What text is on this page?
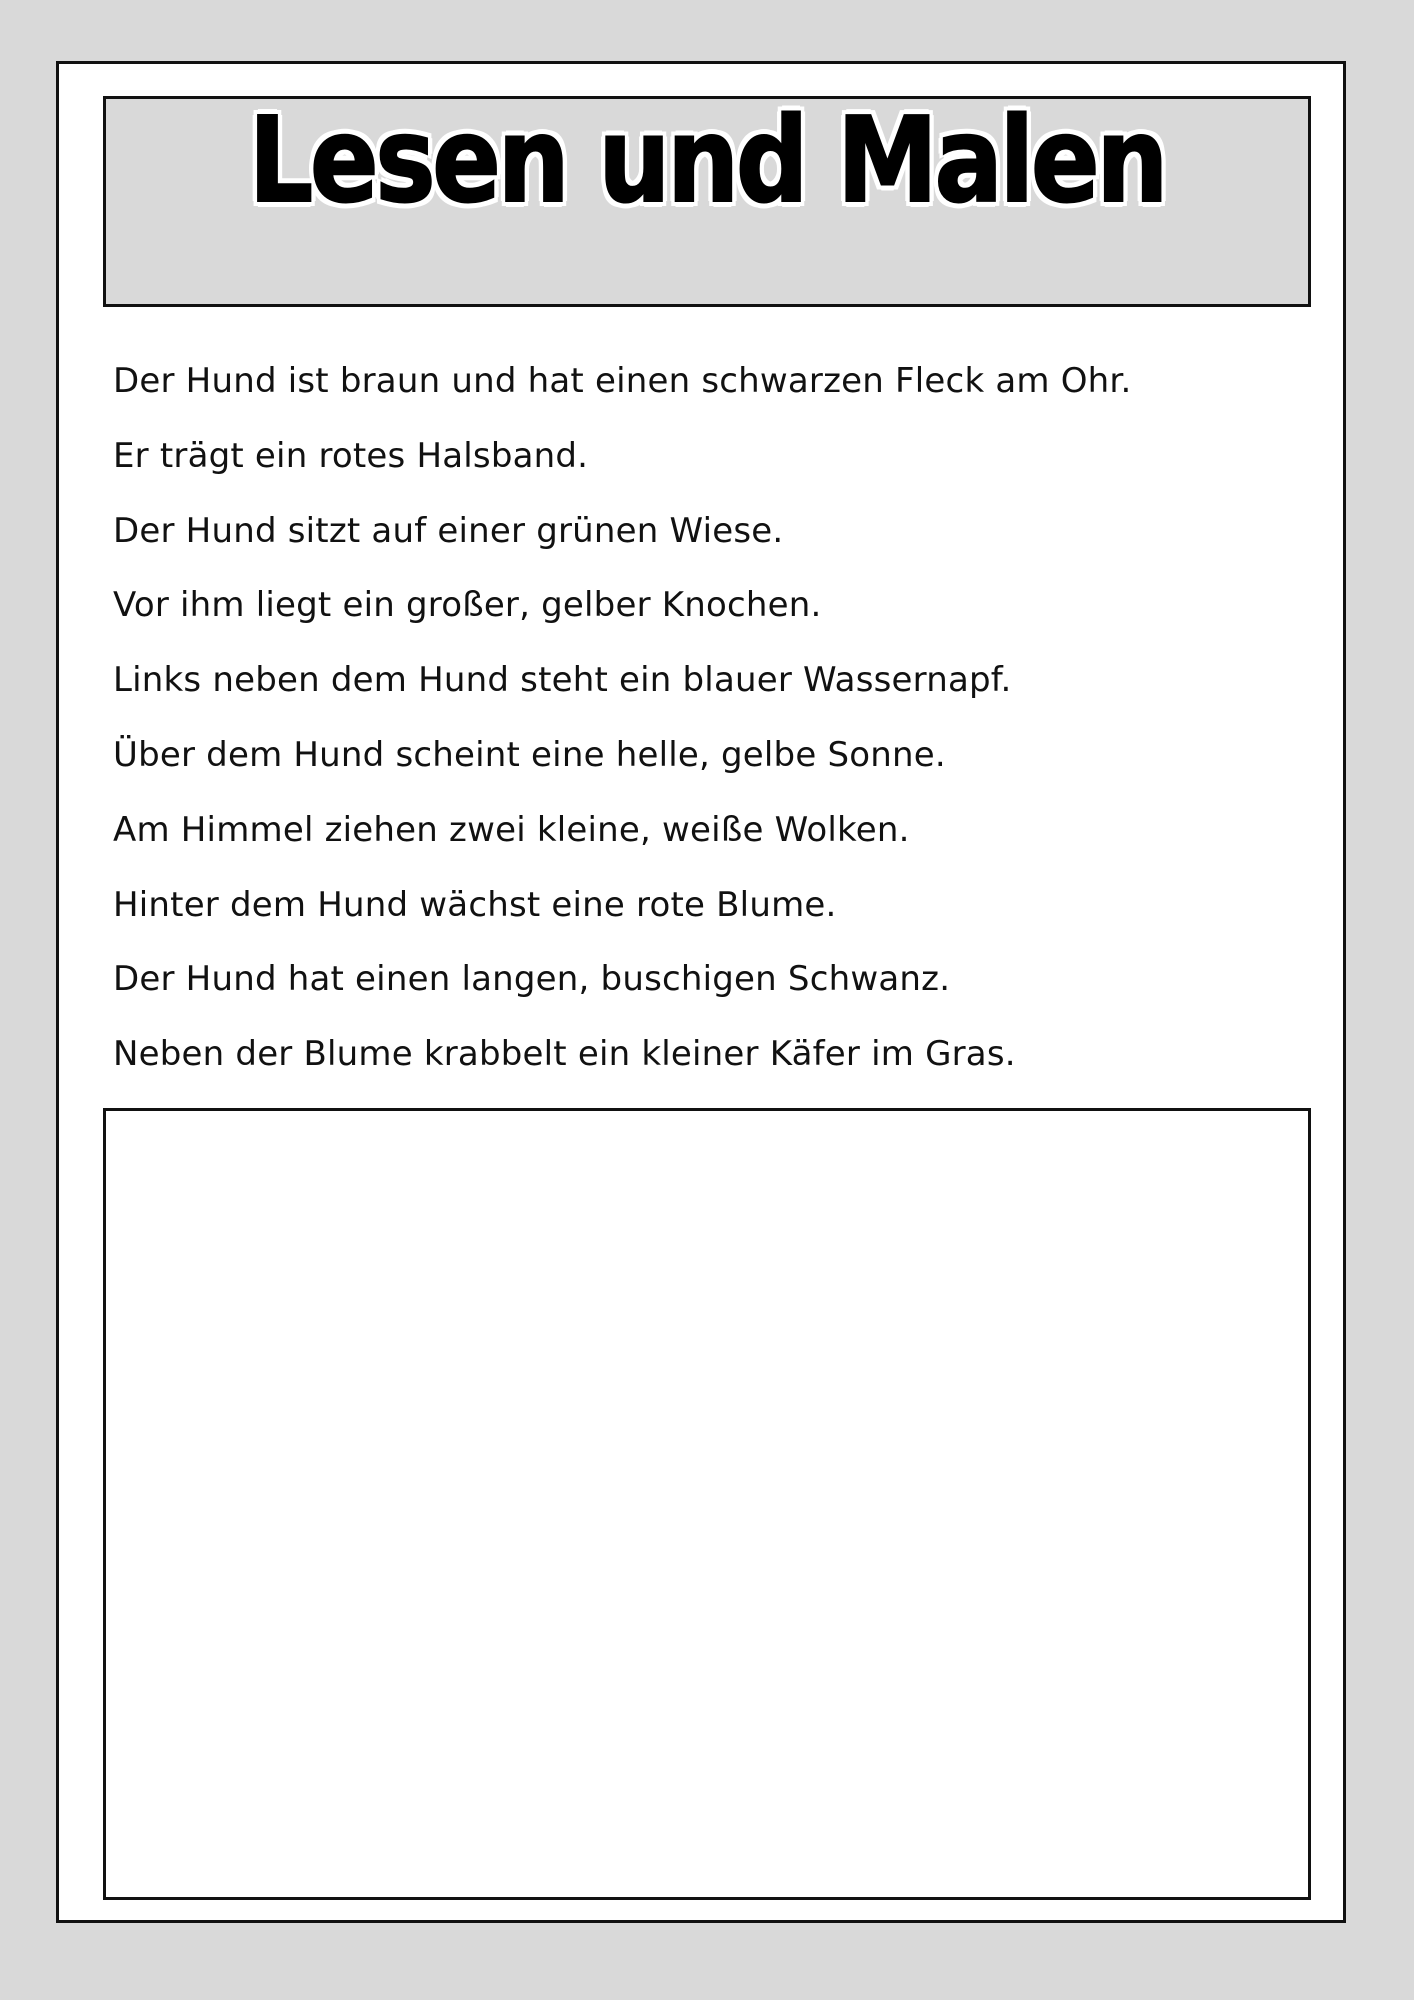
Lesen und Malen
Der Hund ist braun und hat einen schwarzen Fleck am Ohr.
Er trägt ein rotes Halsband.
Der Hund sitzt auf einer grünen Wiese.
Vor ihm liegt ein großer, gelber Knochen.
Links neben dem Hund steht ein blauer Wassernapf.
Über dem Hund scheint eine helle, gelbe Sonne.
Am Himmel ziehen zwei kleine, weiße Wolken.
Hinter dem Hund wächst eine rote Blume.
Der Hund hat einen langen, buschigen Schwanz.
Neben der Blume krabbelt ein kleiner Käfer im Gras.
